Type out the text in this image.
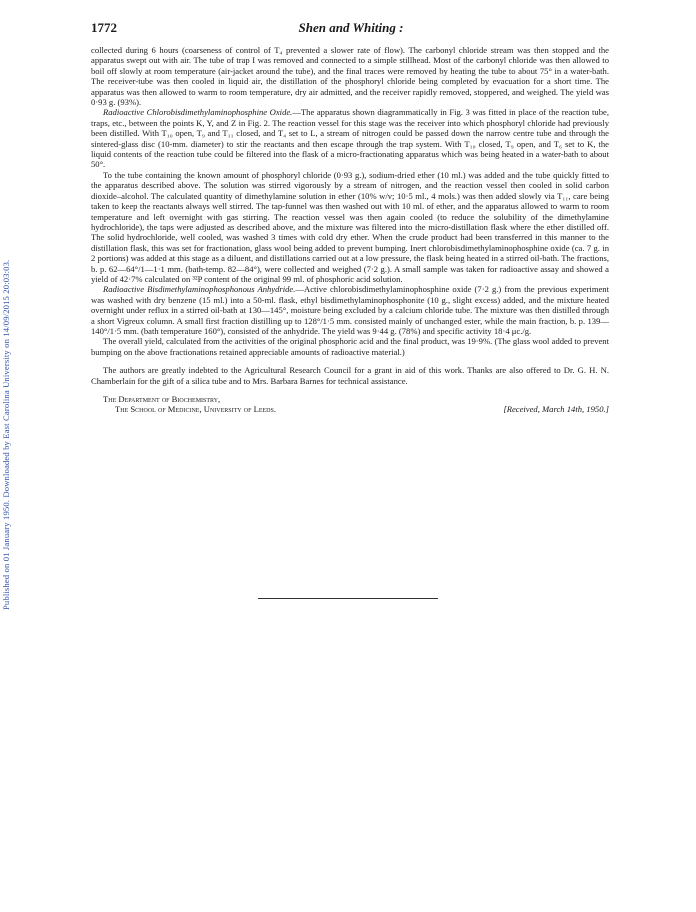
Published on 01 January 1950. Downloaded by East Carolina University on 14/09/2015 20:03:03.
1772	Shen and Whiting :

collected during 6 hours (coarseness of control of T₄ prevented a slower rate of flow). The carbonyl chloride stream was then stopped and the apparatus swept out with air. The tube of trap I was removed and connected to a simple stillhead. Most of the carbonyl chloride was then allowed to boil off slowly at room temperature (air-jacket around the tube), and the final traces were removed by heating the tube to about 75° in a water-bath. The receiver-tube was then cooled in liquid air, the distillation of the phosphoryl chloride being completed by evacuation for a short time. The apparatus was then allowed to warm to room temperature, dry air admitted, and the receiver rapidly removed, stoppered, and weighed. The yield was 0·93 g. (93%).

Radioactive Chlorobisdimethylaminophosphine Oxide.—The apparatus shown diagrammatically in Fig. 3 was fitted in place of the reaction tube, traps, etc., between the points K, Y, and Z in Fig. 2. The reaction vessel for this stage was the receiver into which phosphoryl chloride had previously been distilled. With T₁₀ open, T₉ and T₁₁ closed, and T₄ set to L, a stream of nitrogen could be passed down the narrow centre tube and through the sintered-glass disc (10-mm. diameter) to stir the reactants and then escape through the trap system. With T₁₀ closed, T₉ open, and T₆ set to K, the liquid contents of the reaction tube could be filtered into the flask of a micro-fractionating apparatus which was being heated in a water-bath to about 50°.

To the tube containing the known amount of phosphoryl chloride (0·93 g.), sodium-dried ether (10 ml.) was added and the tube quickly fitted to the apparatus described above. The solution was stirred vigorously by a stream of nitrogen, and the reaction vessel then cooled in solid carbon dioxide–alcohol. The calculated quantity of dimethylamine solution in ether (10% w/v; 10·5 ml., 4 mols.) was then added slowly via T₁₁, care being taken to keep the reactants always well stirred. The tap-funnel was then washed out with 10 ml. of ether, and the apparatus allowed to warm to room temperature and left overnight with gas stirring. The reaction vessel was then again cooled (to reduce the solubility of the dimethylamine hydrochloride), the taps were adjusted as described above, and the mixture was filtered into the micro-distillation flask where the ether distilled off. The solid hydrochloride, well cooled, was washed 3 times with cold dry ether. When the crude product had been transferred in this manner to the distillation flask, this was set for fractionation, glass wool being added to prevent bumping. Inert chlorobisdimethylaminophosphine oxide (ca. 7 g. in 2 portions) was added at this stage as a diluent, and distillations carried out at a low pressure, the flask being heated in a stirred oil-bath. The fractions, b. p. 62—64°/1—1·1 mm. (bath-temp. 82—84°), were collected and weighed (7·2 g.). A small sample was taken for radioactive assay and showed a yield of 42·7% calculated on ³²P content of the original 99 ml. of phosphoric acid solution.

Radioactive Bisdimethylaminophosphonous Anhydride.—Active chlorobisdimethylaminophosphine oxide (7·2 g.) from the previous experiment was washed with dry benzene (15 ml.) into a 50-ml. flask, ethyl bisdimethylaminophosphonite (10 g., slight excess) added, and the mixture heated overnight under reflux in a stirred oil-bath at 130—145°, moisture being excluded by a calcium chloride tube. The mixture was then distilled through a short Vigreux column. A small first fraction distilling up to 128°/1·5 mm. consisted mainly of unchanged ester, while the main fraction, b. p. 139—140°/1·5 mm. (bath temperature 160°), consisted of the anhydride. The yield was 9·44 g. (78%) and specific activity 18·4 μc./g.

The overall yield, calculated from the activities of the original phosphoric acid and the final product, was 19·9%. (The glass wool added to prevent bumping on the above fractionations retained appreciable amounts of radioactive material.)

The authors are greatly indebted to the Agricultural Research Council for a grant in aid of this work. Thanks are also offered to Dr. G. H. N. Chamberlain for the gift of a silica tube and to Mrs. Barbara Barnes for technical assistance.

The Department of Biochemistry,
The School of Medicine, University of Leeds.	[Received, March 14th, 1950.]
